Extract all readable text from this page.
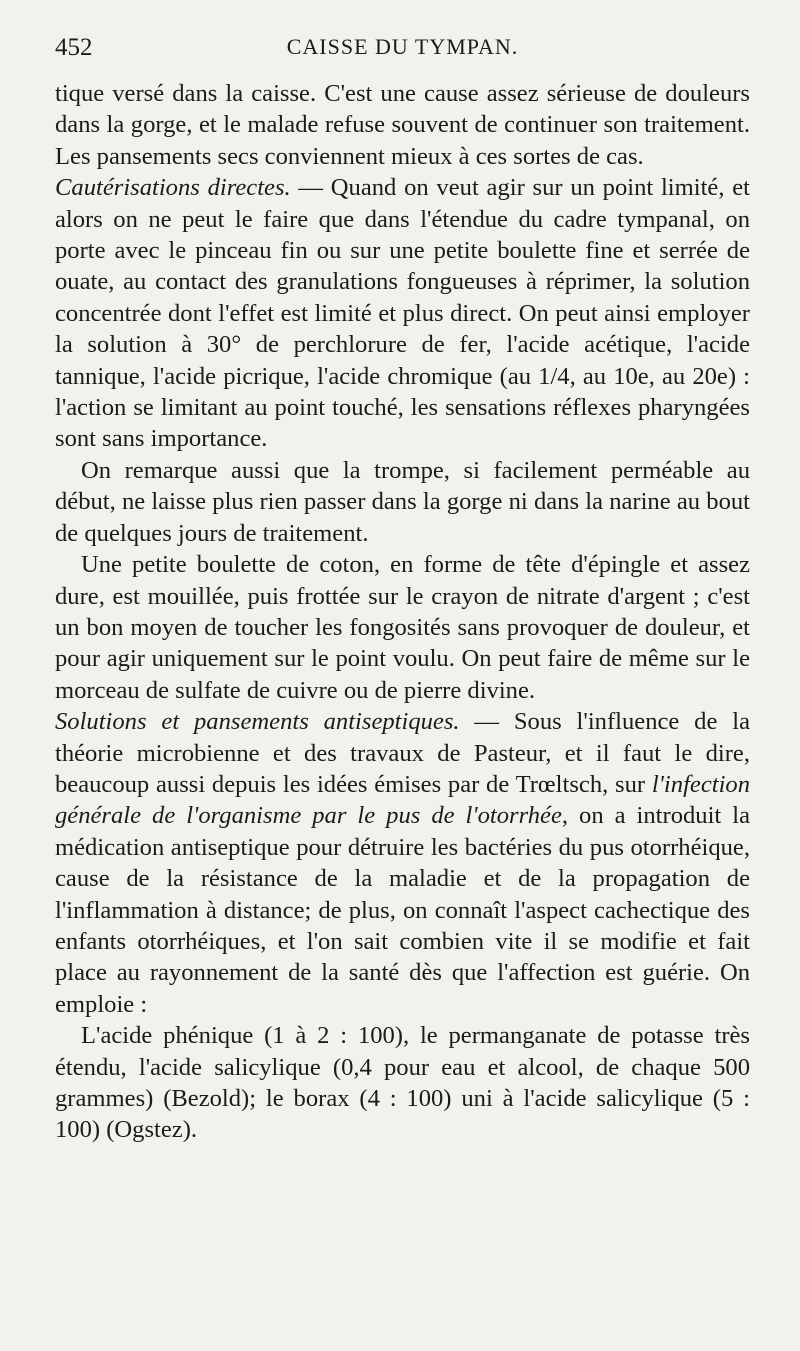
452	CAISSE DU TYMPAN.

tique versé dans la caisse. C'est une cause assez sérieuse de douleurs dans la gorge, et le malade refuse souvent de continuer son traitement. Les pansements secs conviennent mieux à ces sortes de cas.

Cautérisations directes. — Quand on veut agir sur un point limité, et alors on ne peut le faire que dans l'étendue du cadre tympanal, on porte avec le pinceau fin ou sur une petite boulette fine et serrée de ouate, au contact des granulations fongueuses à réprimer, la solution concentrée dont l'effet est limité et plus direct. On peut ainsi employer la solution à 30° de perchlorure de fer, l'acide acétique, l'acide tannique, l'acide picrique, l'acide chromique (au 1/4, au 10e, au 20e) : l'action se limitant au point touché, les sensations réflexes pharyngées sont sans importance.

On remarque aussi que la trompe, si facilement perméable au début, ne laisse plus rien passer dans la gorge ni dans la narine au bout de quelques jours de traitement.

Une petite boulette de coton, en forme de tête d'épingle et assez dure, est mouillée, puis frottée sur le crayon de nitrate d'argent ; c'est un bon moyen de toucher les fongosités sans provoquer de douleur, et pour agir uniquement sur le point voulu. On peut faire de même sur le morceau de sulfate de cuivre ou de pierre divine.

Solutions et pansements antiseptiques. — Sous l'influence de la théorie microbienne et des travaux de Pasteur, et il faut le dire, beaucoup aussi depuis les idées émises par de Trœltsch, sur l'infection générale de l'organisme par le pus de l'otorrhée, on a introduit la médication antiseptique pour détruire les bactéries du pus otorrhéique, cause de la résistance de la maladie et de la propagation de l'inflammation à distance; de plus, on connaît l'aspect cachectique des enfants otorrhéiques, et l'on sait combien vite il se modifie et fait place au rayonnement de la santé dès que l'affection est guérie. On emploie :

L'acide phénique (1 à 2 : 100), le permanganate de potasse très étendu, l'acide salicylique (0,4 pour eau et alcool, de chaque 500 grammes) (Bezold); le borax (4 : 100) uni à l'acide salicylique (5 : 100) (Ogstez).
